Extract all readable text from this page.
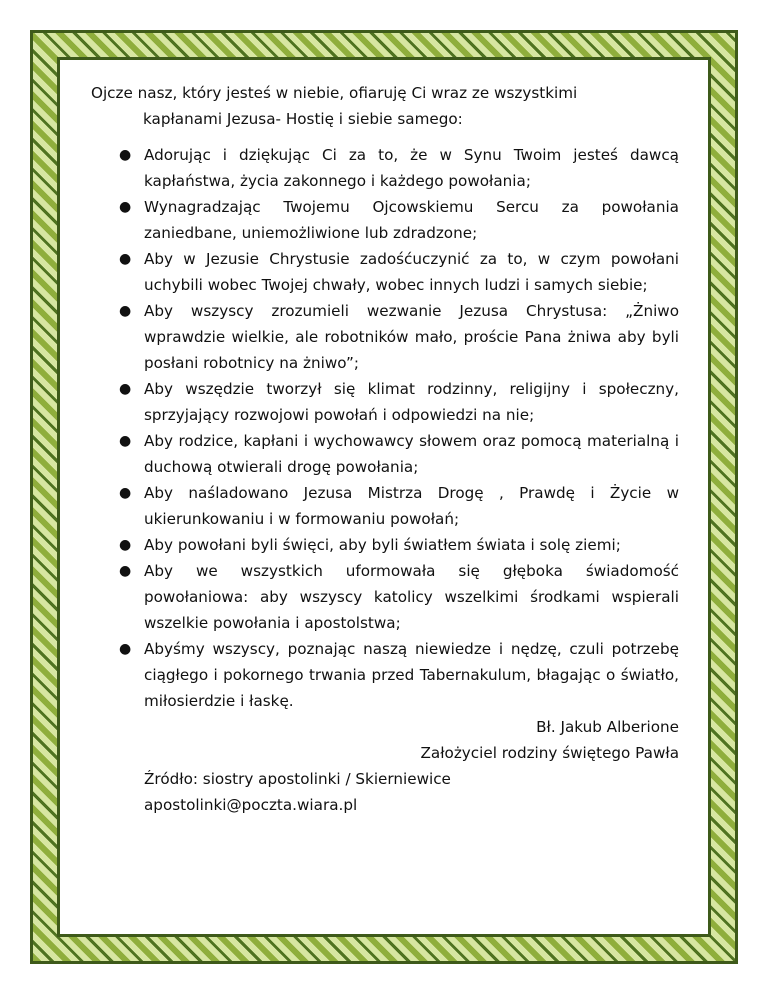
Ojcze nasz, który jesteś w niebie, ofiaruję Ci wraz ze wszystkimi
kapłanami Jezusa- Hostię i siebie samego:

● Adorując i dziękując Ci za to, że w Synu Twoim jesteś dawcą kapłaństwa, życia zakonnego i każdego powołania;
● Wynagradzając Twojemu Ojcowskiemu Sercu za powołania zaniedbane, uniemożliwione lub zdradzone;
● Aby w Jezusie Chrystusie zadośćuczynić za to, w czym powołani uchybili wobec Twojej chwały, wobec innych ludzi i samych siebie;
● Aby wszyscy zrozumieli wezwanie Jezusa Chrystusa: „Żniwo wprawdzie wielkie, ale robotników mało, proście Pana żniwa aby byli posłani robotnicy na żniwo”;
● Aby wszędzie tworzył się klimat rodzinny, religijny i społeczny, sprzyjający rozwojowi powołań i odpowiedzi na nie;
● Aby rodzice, kapłani i wychowawcy słowem oraz pomocą materialną i duchową otwierali drogę powołania;
● Aby naśladowano Jezusa Mistrza Drogę , Prawdę i Życie w ukierunkowaniu i w formowaniu powołań;
● Aby powołani byli święci, aby byli światłem świata i solę ziemi;
● Aby we wszystkich uformowała się głęboka świadomość powołaniowa: aby wszyscy katolicy wszelkimi środkami wspierali wszelkie powołania i apostolstwa;
● Abyśmy wszyscy, poznając naszą niewiedze i nędzę, czuli potrzebę ciągłego i pokornego trwania przed Tabernakulum, błagając o światło, miłosierdzie i łaskę.
Bł. Jakub Alberione
Założyciel rodziny świętego Pawła
Źródło: siostry apostolinki / Skierniewice
apostolinki@poczta.wiara.pl
